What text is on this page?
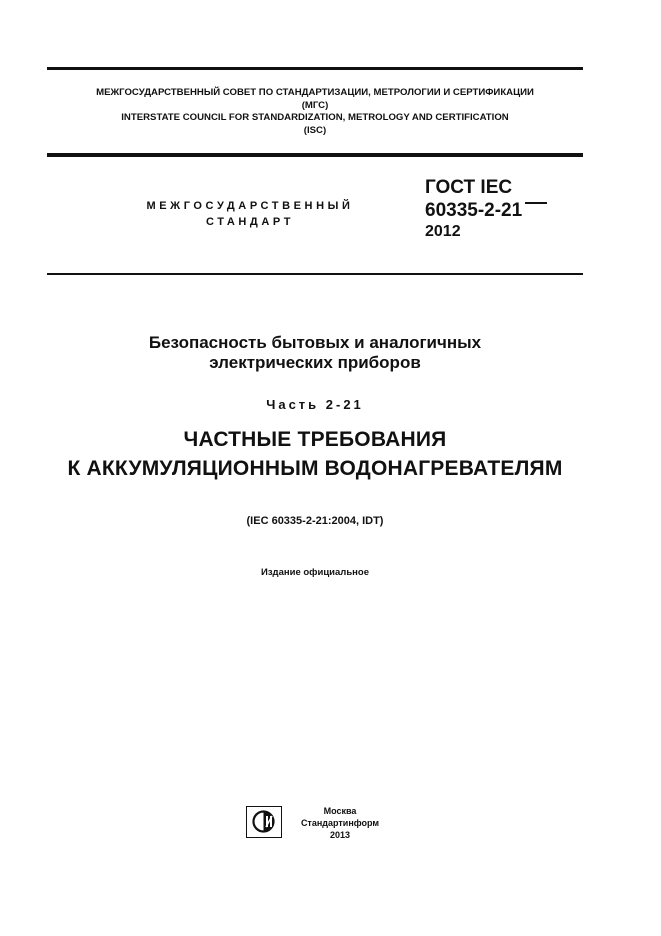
МЕЖГОСУДАРСТВЕННЫЙ СОВЕТ ПО СТАНДАРТИЗАЦИИ, МЕТРОЛОГИИ И СЕРТИФИКАЦИИ
(МГС)
INTERSTATE COUNCIL FOR STANDARDIZATION, METROLOGY AND CERTIFICATION
(ISC)
МЕЖГОСУДАРСТВЕННЫЙ
СТАНДАРТ
ГОСТ IEC
60335-2-21
2012
Безопасность бытовых и аналогичных
электрических приборов
Часть 2-21
ЧАСТНЫЕ ТРЕБОВАНИЯ
К АККУМУЛЯЦИОННЫМ ВОДОНАГРЕВАТЕЛЯМ
(IEC 60335-2-21:2004, IDT)
Издание официальное
Москва
Стандартинформ
2013
